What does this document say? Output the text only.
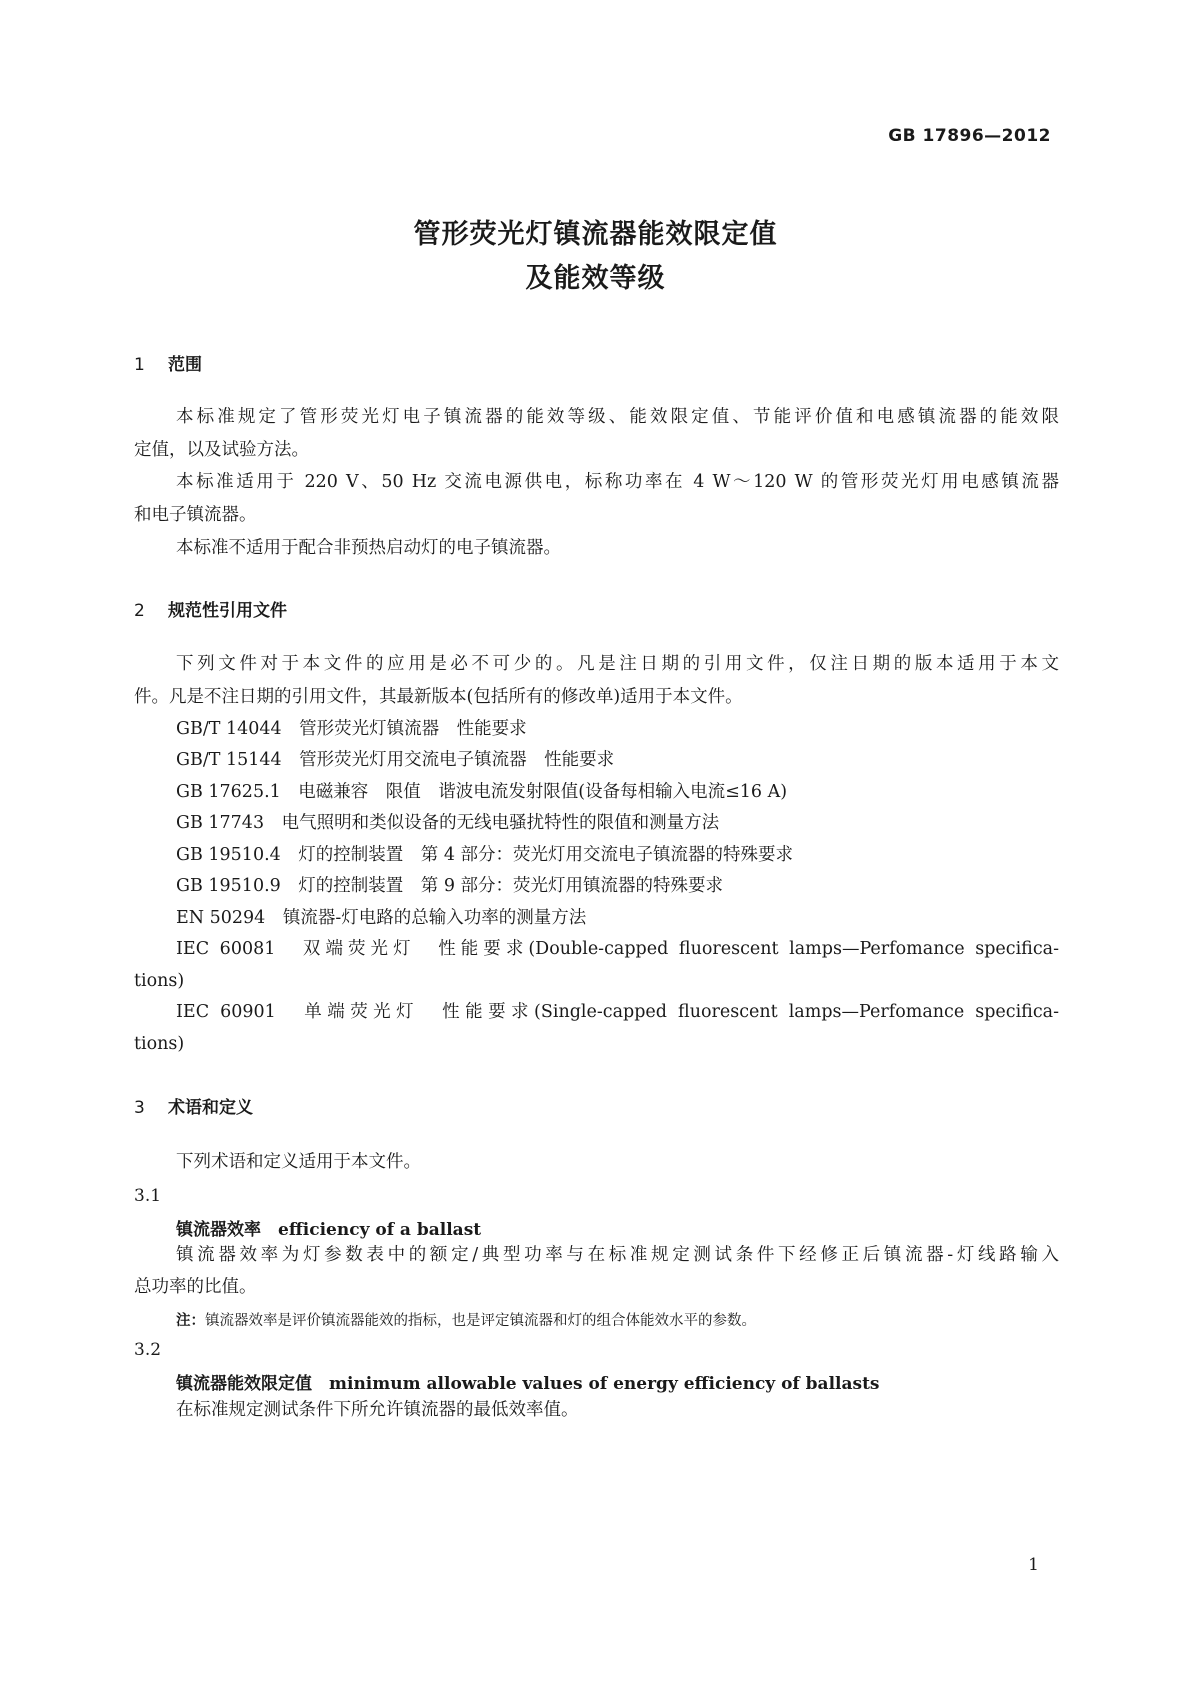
GB 17896—2012
管形荧光灯镇流器能效限定值
及能效等级
1 范围
本标准规定了管形荧光灯电子镇流器的能效等级、能效限定值、节能评价值和电感镇流器的能效限
定值，以及试验方法。
本标准适用于 220 V、50 Hz 交流电源供电，标称功率在 4 W～120 W 的管形荧光灯用电感镇流器
和电子镇流器。
本标准不适用于配合非预热启动灯的电子镇流器。
2 规范性引用文件
下列文件对于本文件的应用是必不可少的。凡是注日期的引用文件，仅注日期的版本适用于本文
件。凡是不注日期的引用文件，其最新版本(包括所有的修改单)适用于本文件。
GB/T 14044　 管形荧光灯镇流器　性能要求
GB/T 15144　 管形荧光灯用交流电子镇流器　性能要求
GB 17625.1　 电磁兼容　限值　谐波电流发射限值(设备每相输入电流≤16 A)
GB 17743　 电气照明和类似设备的无线电骚扰特性的限值和测量方法
GB 19510.4　 灯的控制装置　第 4 部分：荧光灯用交流电子镇流器的特殊要求
GB 19510.9　 灯的控制装置　第 9 部分：荧光灯用镇流器的特殊要求
EN 50294　 镇流器-灯电路的总输入功率的测量方法
IEC 60081　双端荧光灯　性能要求(Double-capped fluorescent lamps—Perfomance specifica-
tions)
IEC 60901　单端荧光灯　性能要求(Single-capped fluorescent lamps—Perfomance specifica-
tions)
3 术语和定义
下列术语和定义适用于本文件。
3.1
镇流器效率　 efficiency of a ballast
镇流器效率为灯参数表中的额定/典型功率与在标准规定测试条件下经修正后镇流器-灯线路输入
总功率的比值。
注：镇流器效率是评价镇流器能效的指标，也是评定镇流器和灯的组合体能效水平的参数。
3.2
镇流器能效限定值　 minimum allowable values of energy efficiency of ballasts
在标准规定测试条件下所允许镇流器的最低效率值。
1
